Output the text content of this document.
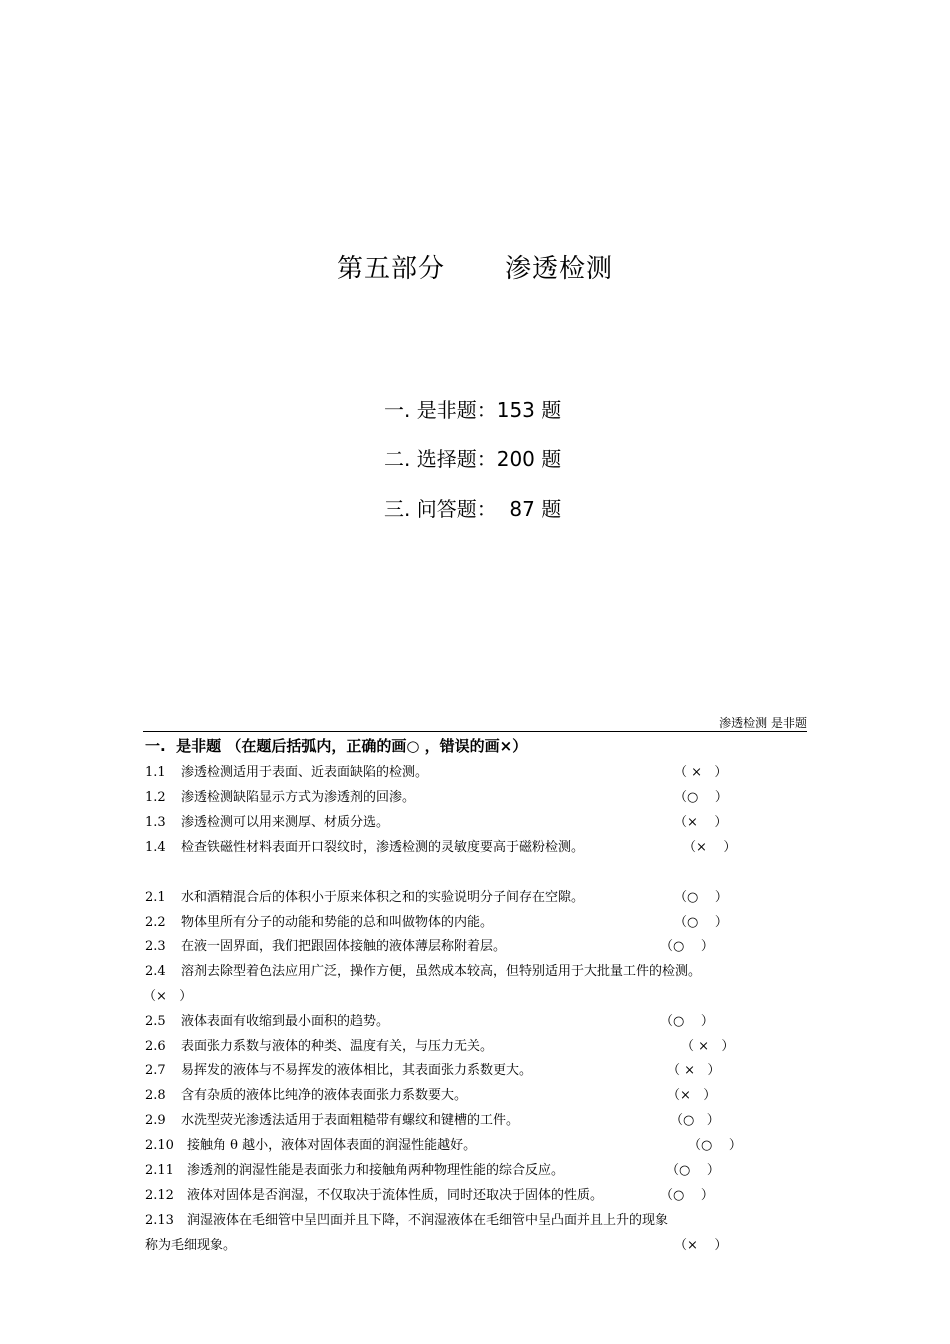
第五部分 渗透检测
一. 是非题：153 题
二. 选择题：200 题
三. 问答题：  87 题
渗透检测 是非题
一.  是非题 （在题后括弧内，正确的画○ ，错误的画×）
1.1 渗透检测适用于表面、近表面缺陷的检测。	（ ×   ）
1.2 渗透检测缺陷显示方式为渗透剂的回渗。	（○    ）
1.3 渗透检测可以用来测厚、材质分选。	（×    ）
1.4 检查铁磁性材料表面开口裂纹时，渗透检测的灵敏度要高于磁粉检测。	（×    ）
2.1 水和酒精混合后的体积小于原来体积之和的实验说明分子间存在空隙。	（○    ）
2.2 物体里所有分子的动能和势能的总和叫做物体的内能。	（○    ）
2.3 在液一固界面，我们把跟固体接触的液体薄层称附着层。	（○    ）
2.4 溶剂去除型着色法应用广泛，操作方便，虽然成本较高，但特别适用于大批量工件的检测。
（×   ）
2.5 液体表面有收缩到最小面积的趋势。	（○    ）
2.6 表面张力系数与液体的种类、温度有关，与压力无关。	（ ×   ）
2.7 易挥发的液体与不易挥发的液体相比，其表面张力系数更大。	（ ×   ）
2.8 含有杂质的液体比纯净的液体表面张力系数要大。	（×   ）
2.9 水洗型荧光渗透法适用于表面粗糙带有螺纹和键槽的工件。	（○   ）
2.10 接触角 θ 越小，液体对固体表面的润湿性能越好。	（○    ）
2.11 渗透剂的润湿性能是表面张力和接触角两种物理性能的综合反应。	（○    ）
2.12 液体对固体是否润湿，不仅取决于流体性质，同时还取决于固体的性质。	（○    ）
2.13 润湿液体在毛细管中呈凹面并且下降，不润湿液体在毛细管中呈凸面并且上升的现象
称为毛细现象。	（×    ）
